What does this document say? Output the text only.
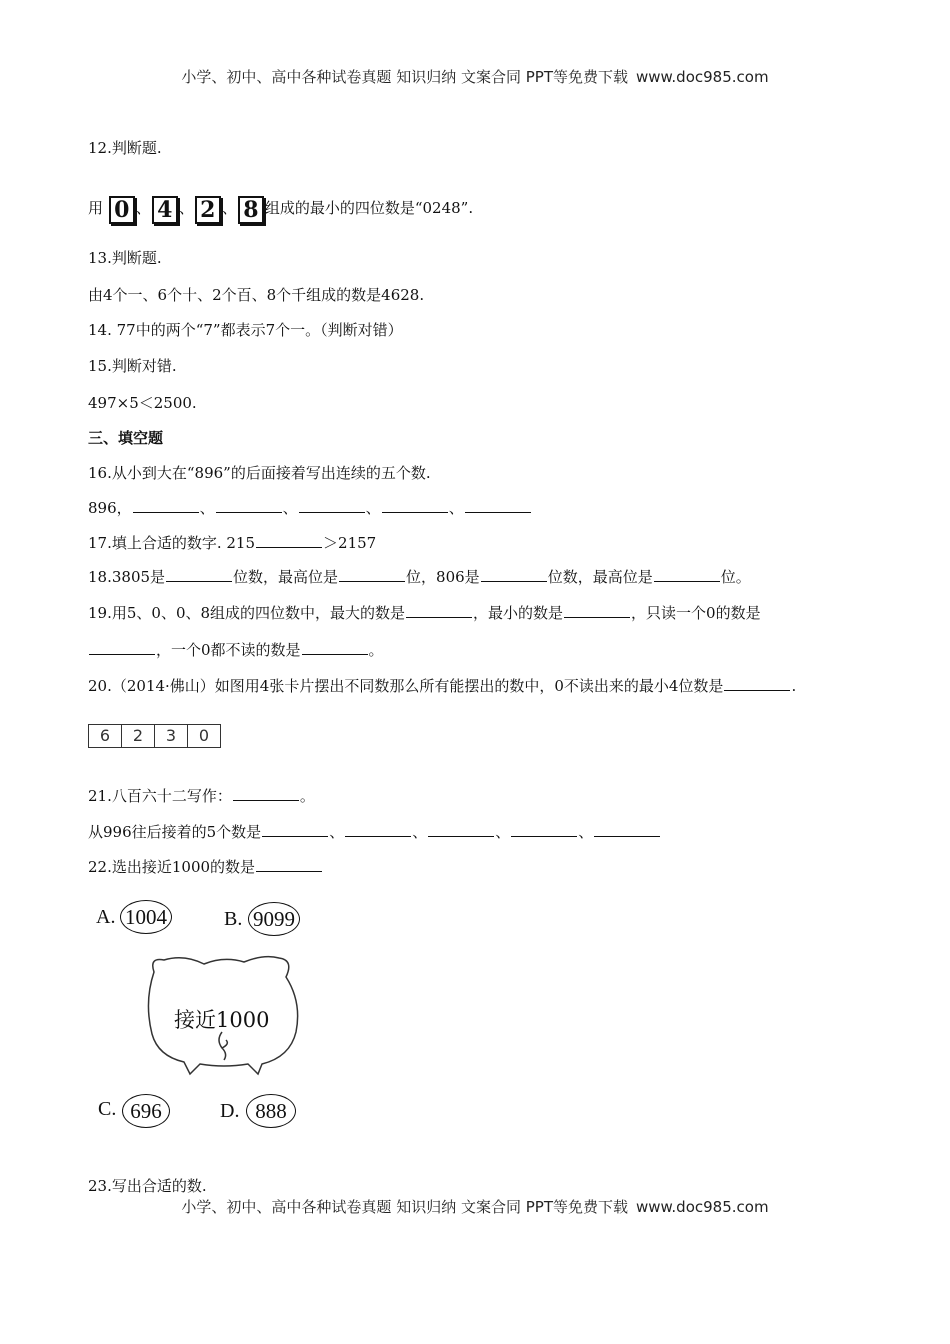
小学、初中、高中各种试卷真题 知识归纳 文案合同 PPT等免费下载 www.doc985.com
12.判断题.
用 0 、 4 、 2 、 8 组成的最小的四位数是“0248”.
13.判断题.
由4个一、6个十、2个百、8个千组成的数是4628.
14. 77中的两个“7”都表示7个一。（判断对错）
15.判断对错.
497×5＜2500.
三、填空题
16.从小到大在“896”的后面接着写出连续的五个数.
896，	、	、	、	、
17.填上合适的数字. 215	＞2157
18.3805是	位数，最高位是	位，806是	位数，最高位是	位。
19.用5、0、0、8组成的四位数中，最大的数是	，最小的数是	，只读一个0的数是
，一个0都不读的数是	。
20.（2014·佛山）如图用4张卡片摆出不同数那么所有能摆出的数中，0不读出来的最小4位数是	.
6	2	3	0
21.八百六十二写作：	。
从996往后接着的5个数是	、	、	、	、
22.选出接近1000的数是
A. 1004	B. 9099
接近1000
C. 696	D. 888
23.写出合适的数.
小学、初中、高中各种试卷真题 知识归纳 文案合同 PPT等免费下载 www.doc985.com
